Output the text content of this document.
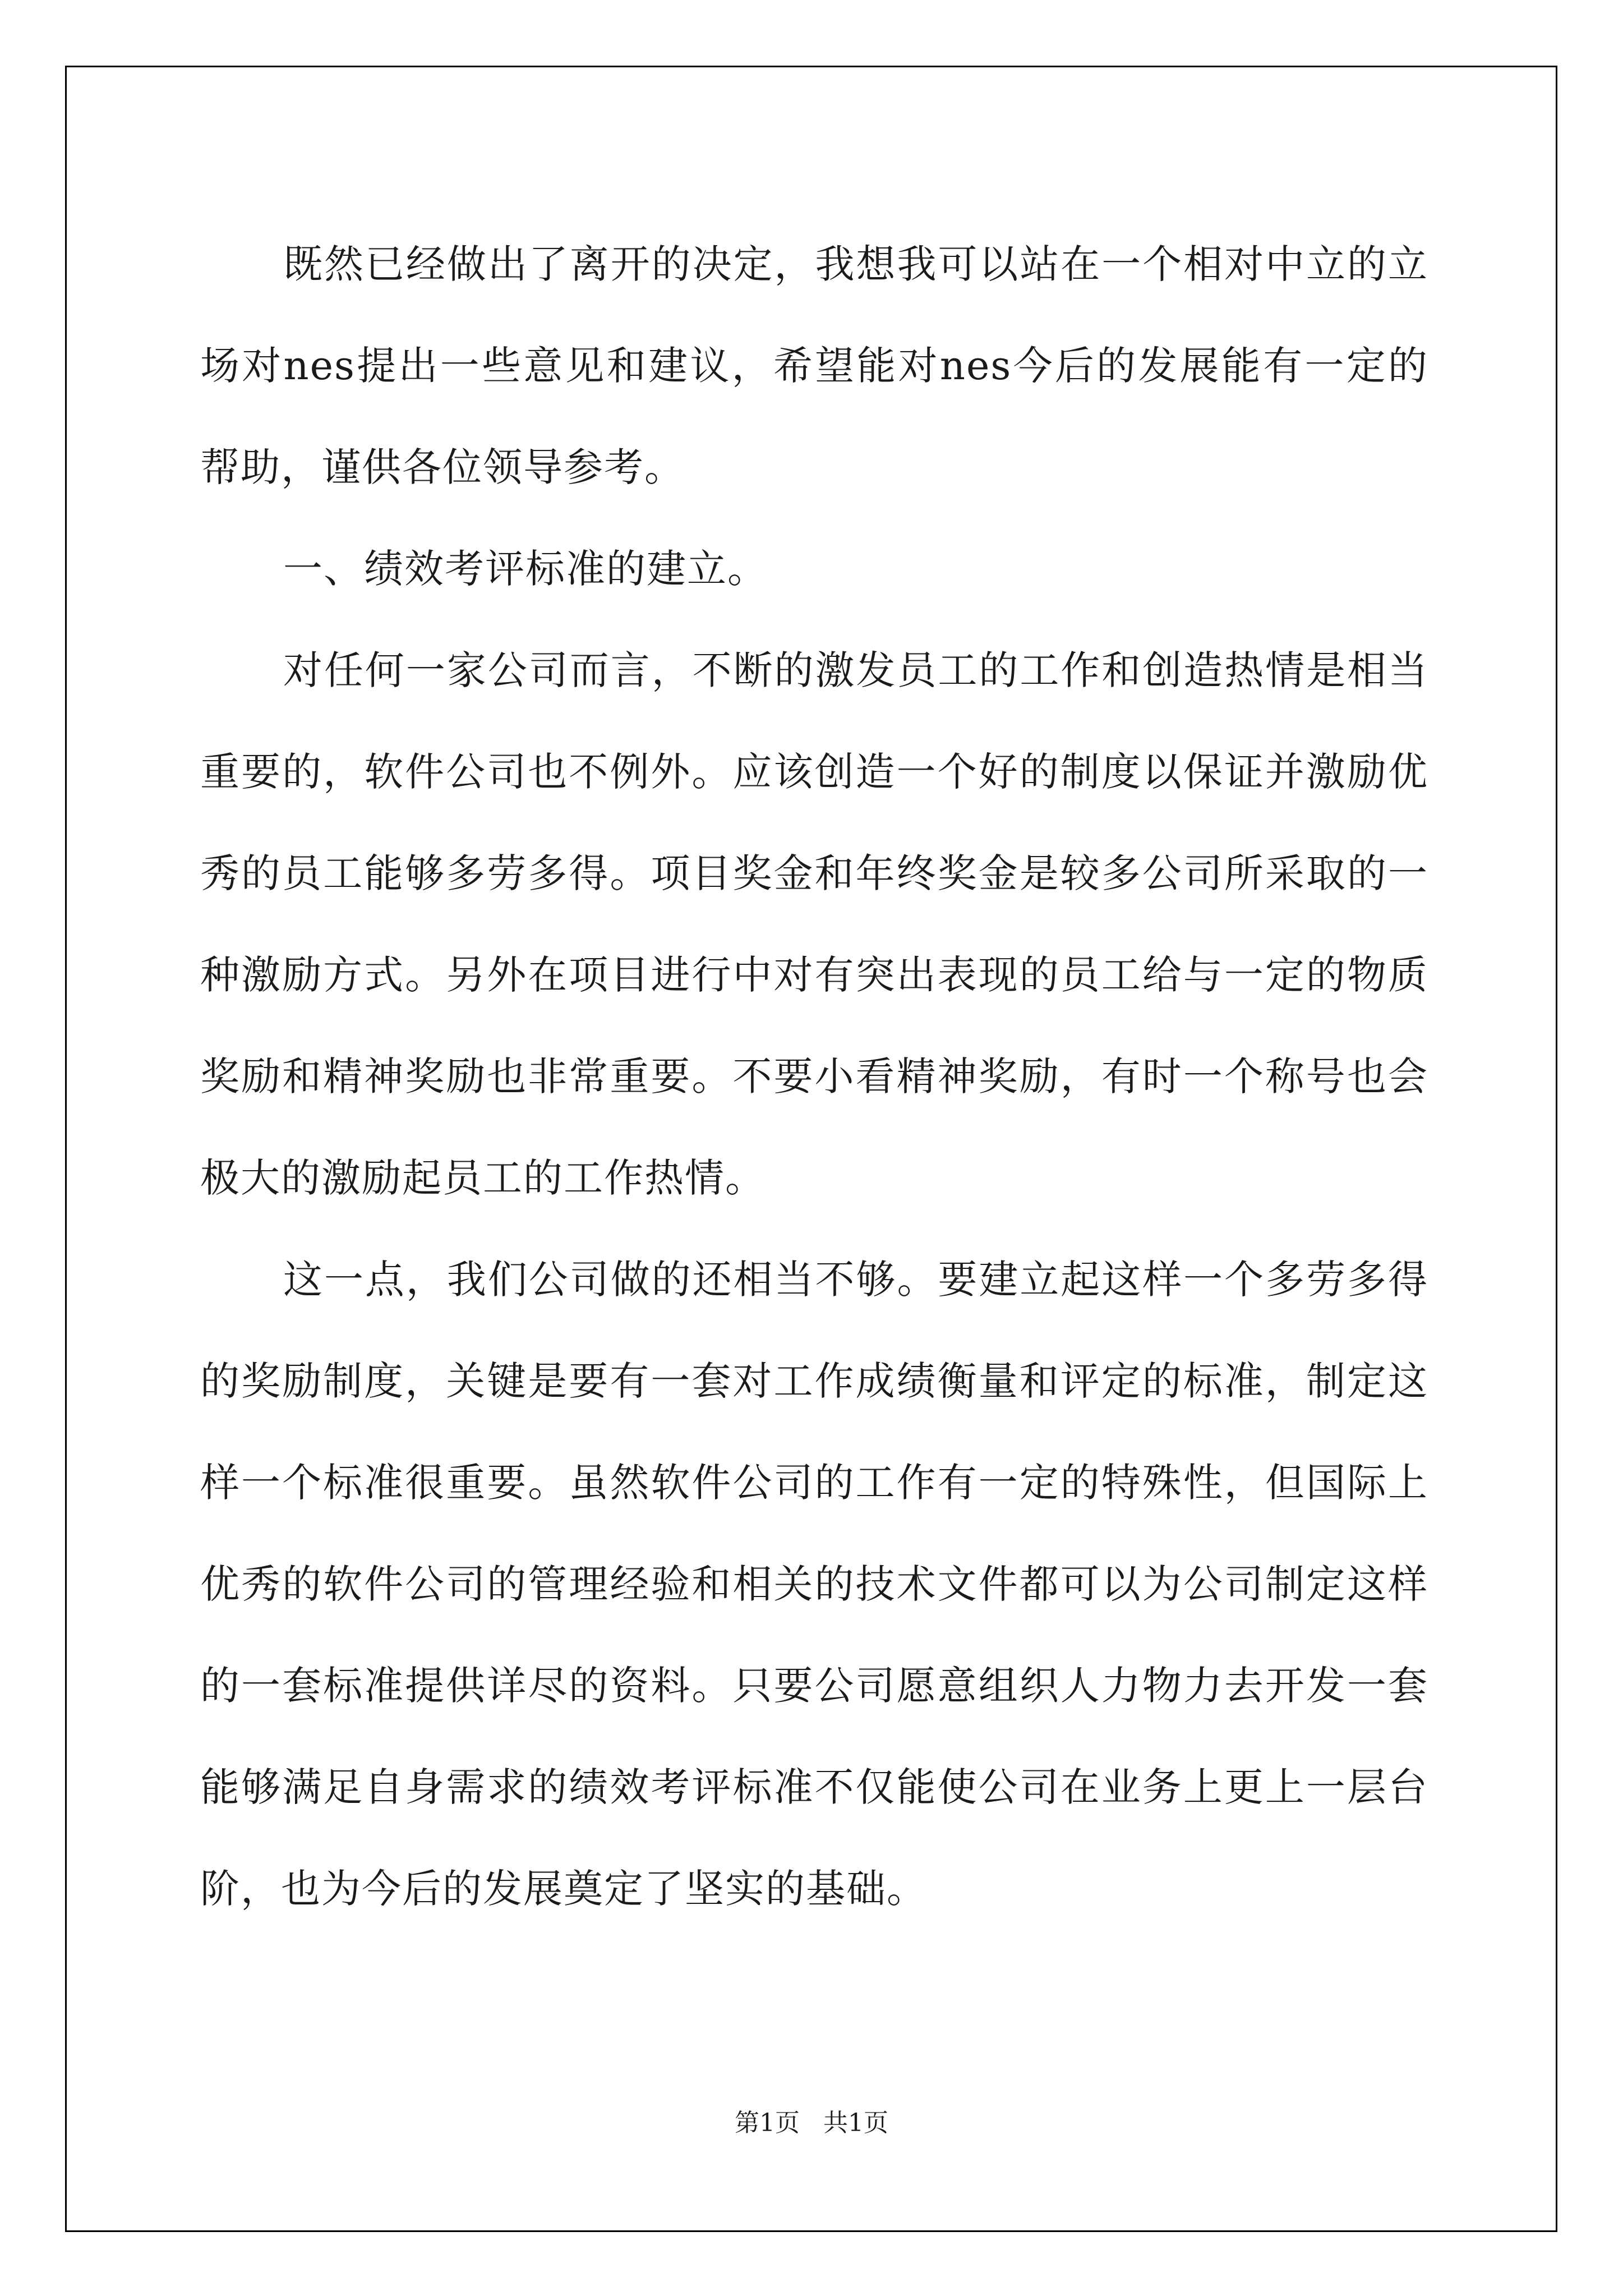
既然已经做出了离开的决定，我想我可以站在一个相对中立的立场对nes提出一些意见和建议，希望能对nes今后的发展能有一定的帮助，谨供各位领导参考。

一、绩效考评标准的建立。

对任何一家公司而言，不断的激发员工的工作和创造热情是相当重要的，软件公司也不例外。应该创造一个好的制度以保证并激励优秀的员工能够多劳多得。项目奖金和年终奖金是较多公司所采取的一种激励方式。另外在项目进行中对有突出表现的员工给与一定的物质奖励和精神奖励也非常重要。不要小看精神奖励，有时一个称号也会极大的激励起员工的工作热情。

这一点，我们公司做的还相当不够。要建立起这样一个多劳多得的奖励制度，关键是要有一套对工作成绩衡量和评定的标准，制定这样一个标准很重要。虽然软件公司的工作有一定的特殊性，但国际上优秀的软件公司的管理经验和相关的技术文件都可以为公司制定这样的一套标准提供详尽的资料。只要公司愿意组织人力物力去开发一套能够满足自身需求的绩效考评标准不仅能使公司在业务上更上一层台阶，也为今后的发展奠定了坚实的基础。

第1页   共1页
